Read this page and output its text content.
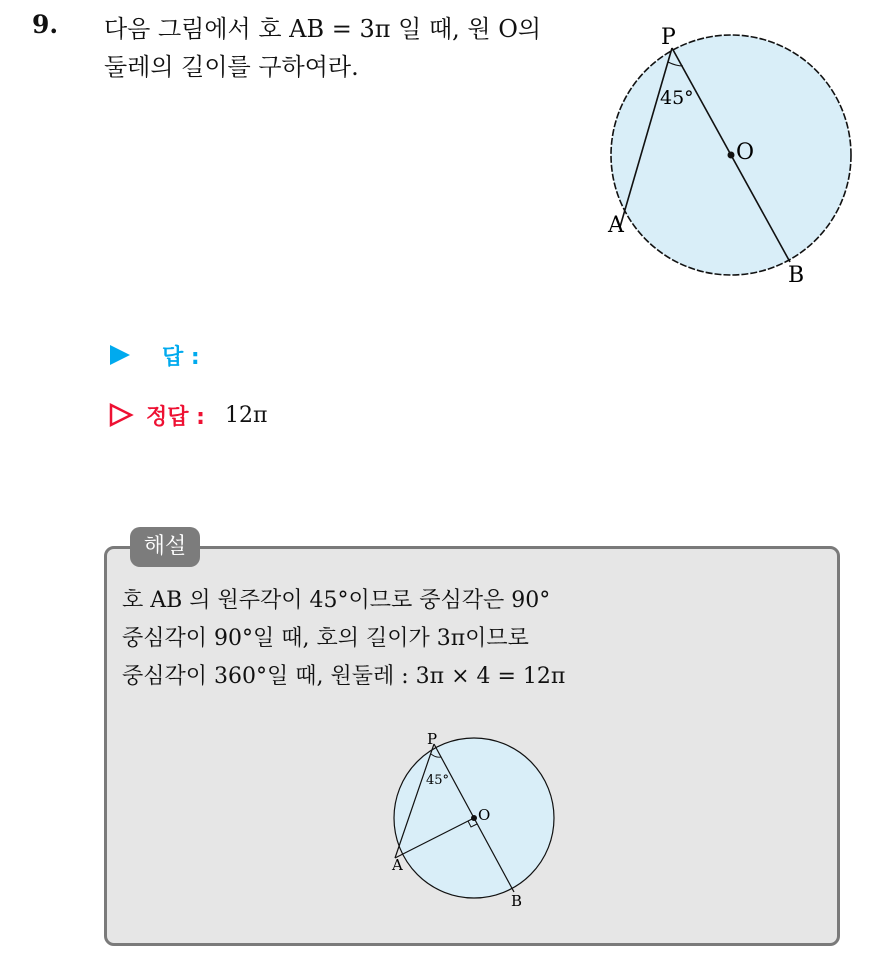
9. 다음 그림에서 호 AB = 3π 일 때, 원 O의
둘레의 길이를 구하여라.
P
O
A
B
45°
답 :
정답 : 12π
해설
호 AB 의 원주각이 45°이므로 중심각은 90°
중심각이 90°일 때, 호의 길이가 3π이므로
중심각이 360°일 때, 원둘레 : 3π × 4 = 12π
P
O
A
B
45°
